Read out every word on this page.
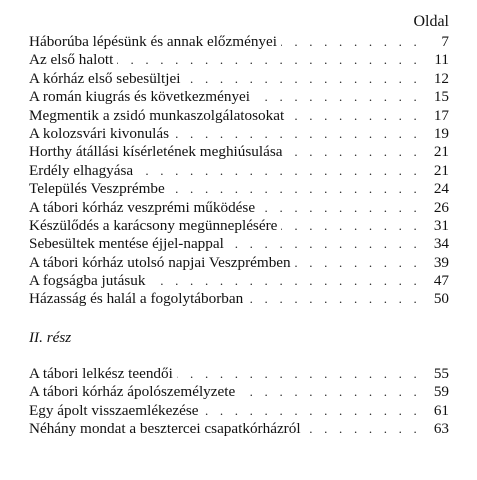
Oldal
Háborúba lépésünk és annak előzményei . . .	7
Az első halott . . .	11
A kórház első sebesültjei . . .	12
A román kiugrás és következményei . . .	15
Megmentik a zsidó munkaszolgálatosokat . . .	17
A kolozsvári kivonulás . . .	19
Horthy átállási kísérletének meghiúsulása . . .	21
Erdély elhagyása . . .	21
Település Veszprémbe . . .	24
A tábori kórház veszprémi működése . . .	26
Készülődés a karácsony megünneplésére . . .	31
Sebesültek mentése éjjel-nappal . . .	34
A tábori kórház utolsó napjai Veszprémben . . .	39
A fogságba jutásuk . . .	47
Házasság és halál a fogolytáborban . . .	50
II. rész
A tábori lelkész teendői . . .	55
A tábori kórház ápolószemélyzete . . .	59
Egy ápolt visszaemlékezése . . .	61
Néhány mondat a besztercei csapatkórházról . . .	63
